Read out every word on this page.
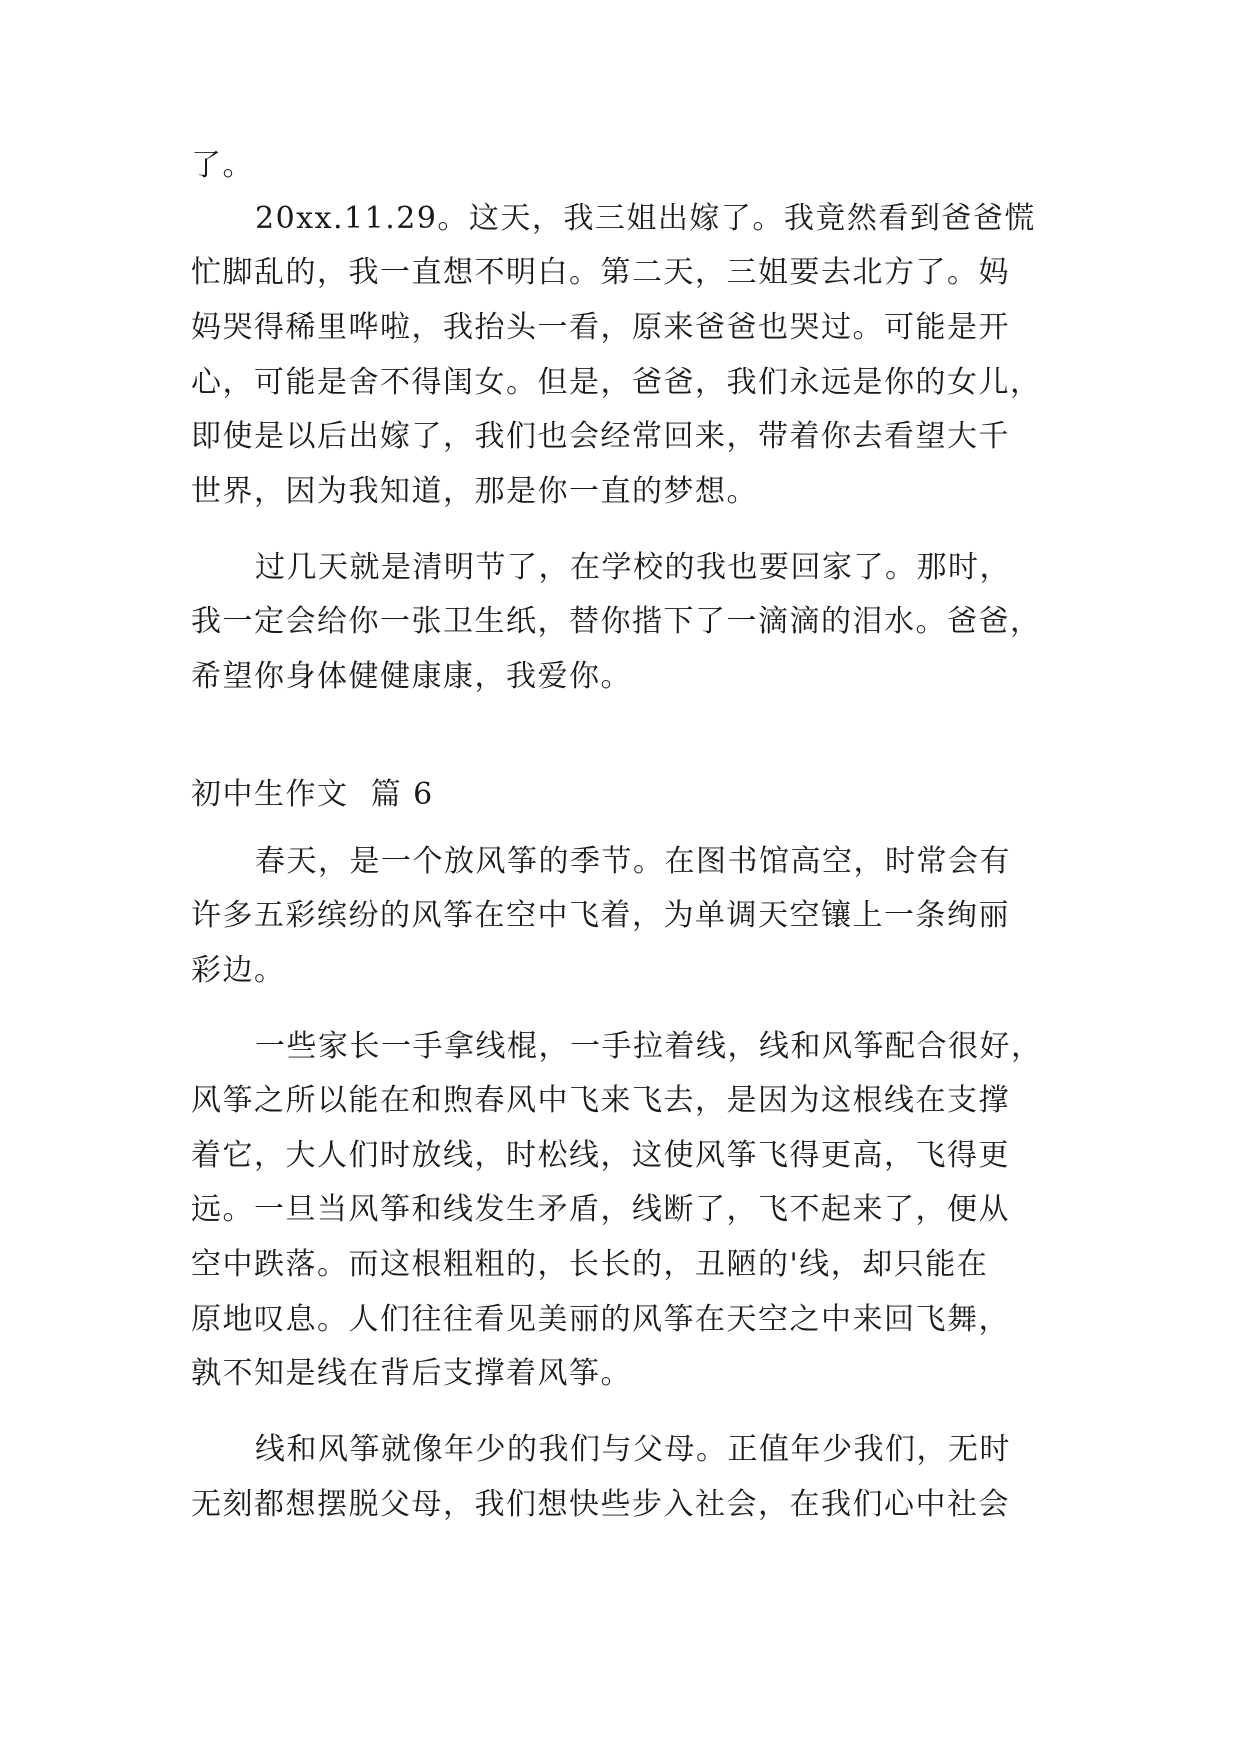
了。
20xx.11.29。这天，我三姐出嫁了。我竟然看到爸爸慌
忙脚乱的，我一直想不明白。第二天，三姐要去北方了。妈
妈哭得稀里哗啦，我抬头一看，原来爸爸也哭过。可能是开
心，可能是舍不得闺女。但是，爸爸，我们永远是你的女儿，
即使是以后出嫁了，我们也会经常回来，带着你去看望大千
世界，因为我知道，那是你一直的梦想。
过几天就是清明节了，在学校的我也要回家了。那时，
我一定会给你一张卫生纸，替你揩下了一滴滴的泪水。爸爸，
希望你身体健健康康，我爱你。
初中生作文  篇 6
春天，是一个放风筝的季节。在图书馆高空，时常会有
许多五彩缤纷的风筝在空中飞着，为单调天空镶上一条绚丽
彩边。
一些家长一手拿线棍，一手拉着线，线和风筝配合很好，
风筝之所以能在和煦春风中飞来飞去，是因为这根线在支撑
着它，大人们时放线，时松线，这使风筝飞得更高，飞得更
远。一旦当风筝和线发生矛盾，线断了，飞不起来了，便从
空中跌落。而这根粗粗的，长长的，丑陋的'线，却只能在
原地叹息。人们往往看见美丽的风筝在天空之中来回飞舞，
孰不知是线在背后支撑着风筝。
线和风筝就像年少的我们与父母。正值年少我们，无时
无刻都想摆脱父母，我们想快些步入社会，在我们心中社会
